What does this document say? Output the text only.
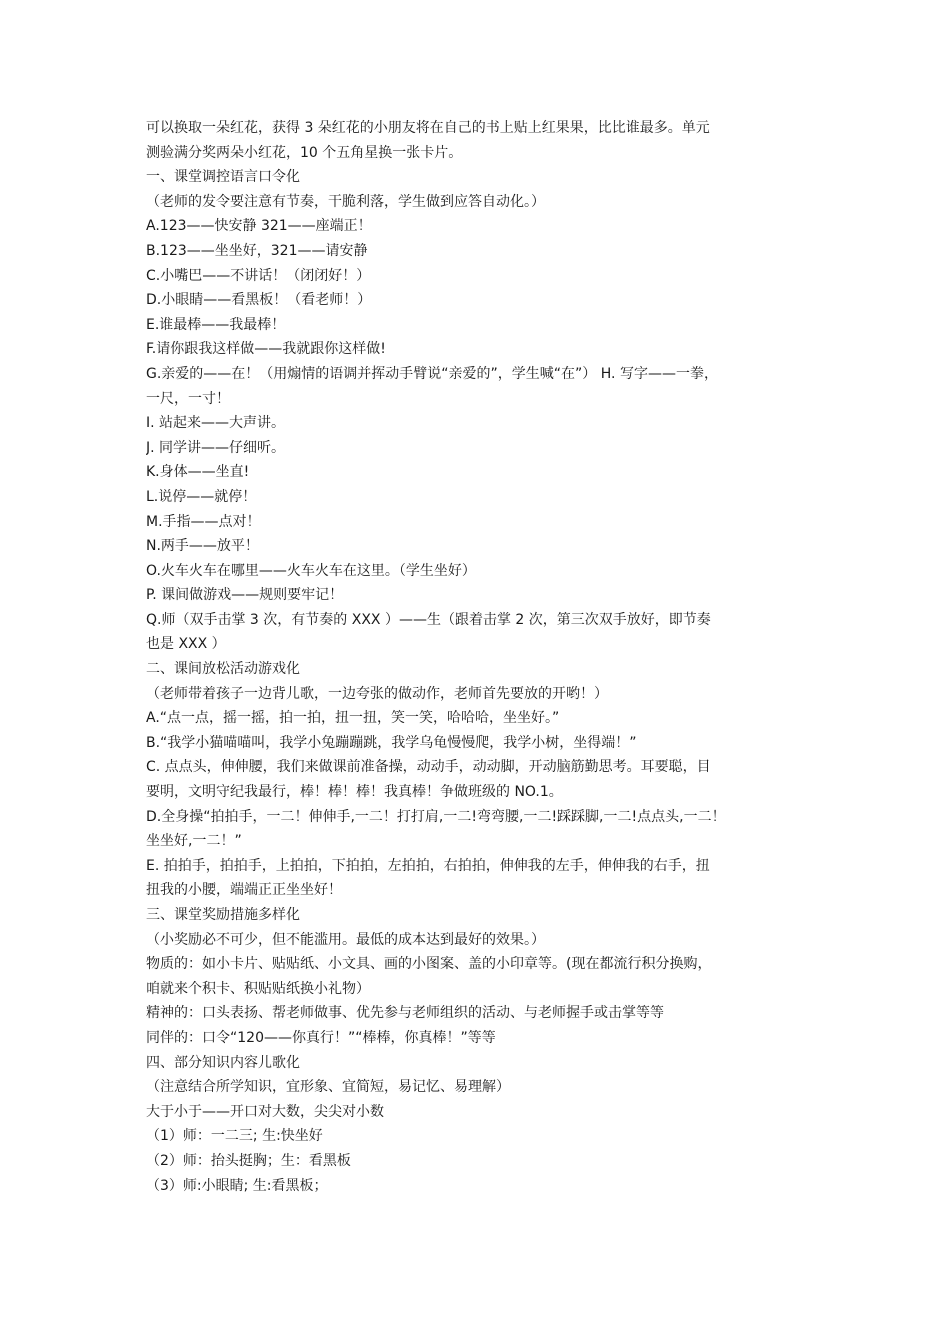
可以换取一朵红花，获得 3 朵红花的小朋友将在自己的书上贴上红果果，比比谁最多。单元
测验满分奖两朵小红花，10 个五角星换一张卡片。
一、课堂调控语言口令化
（老师的发令要注意有节奏，干脆利落，学生做到应答自动化。）
A.123——快安静 321——座端正！
B.123——坐坐好，321——请安静
C.小嘴巴——不讲话！（闭闭好！）
D.小眼睛——看黑板！（看老师！）
E.谁最棒——我最棒！
F.请你跟我这样做——我就跟你这样做!
G.亲爱的——在！（用煽情的语调并挥动手臂说“亲爱的”，学生喊“在”） H. 写字——一拳，
一尺，一寸！
I. 站起来——大声讲。
J. 同学讲——仔细听。
K.身体——坐直!
L.说停——就停！
M.手指——点对！
N.两手——放平！
O.火车火车在哪里——火车火车在这里。（学生坐好）
P. 课间做游戏——规则要牢记！
Q.师（双手击掌 3 次，有节奏的 XXX ）——生（跟着击掌 2 次，第三次双手放好，即节奏
也是 XXX ）
二、课间放松活动游戏化
（老师带着孩子一边背儿歌，一边夸张的做动作，老师首先要放的开哟！）
A.“点一点，摇一摇，拍一拍，扭一扭，笑一笑，哈哈哈，坐坐好。”
B.“我学小猫喵喵叫，我学小兔蹦蹦跳，我学乌龟慢慢爬，我学小树，坐得端！”
C. 点点头，伸伸腰，我们来做课前准备操，动动手，动动脚，开动脑筋勤思考。耳要聪，目
要明，文明守纪我最行，棒！棒！棒！我真棒！争做班级的 NO.1。
D.全身操“拍拍手，一二！伸伸手,一二！打打肩,一二!弯弯腰,一二!踩踩脚,一二!点点头,一二！
坐坐好,一二！”
E. 拍拍手，拍拍手，上拍拍，下拍拍，左拍拍，右拍拍，伸伸我的左手，伸伸我的右手，扭
扭我的小腰，端端正正坐坐好！
三、课堂奖励措施多样化
（小奖励必不可少，但不能滥用。最低的成本达到最好的效果。）
物质的：如小卡片、贴贴纸、小文具、画的小图案、盖的小印章等。(现在都流行积分换购，
咱就来个积卡、积贴贴纸换小礼物）
精神的：口头表扬、帮老师做事、优先参与老师组织的活动、与老师握手或击掌等等
同伴的：口令“120——你真行！”“棒棒，你真棒！”等等
四、部分知识内容儿歌化
（注意结合所学知识，宜形象、宜简短，易记忆、易理解）
大于小于——开口对大数，尖尖对小数
（1）师：一二三; 生:快坐好
（2）师：抬头挺胸；生：看黑板
（3）师:小眼睛; 生:看黑板；
